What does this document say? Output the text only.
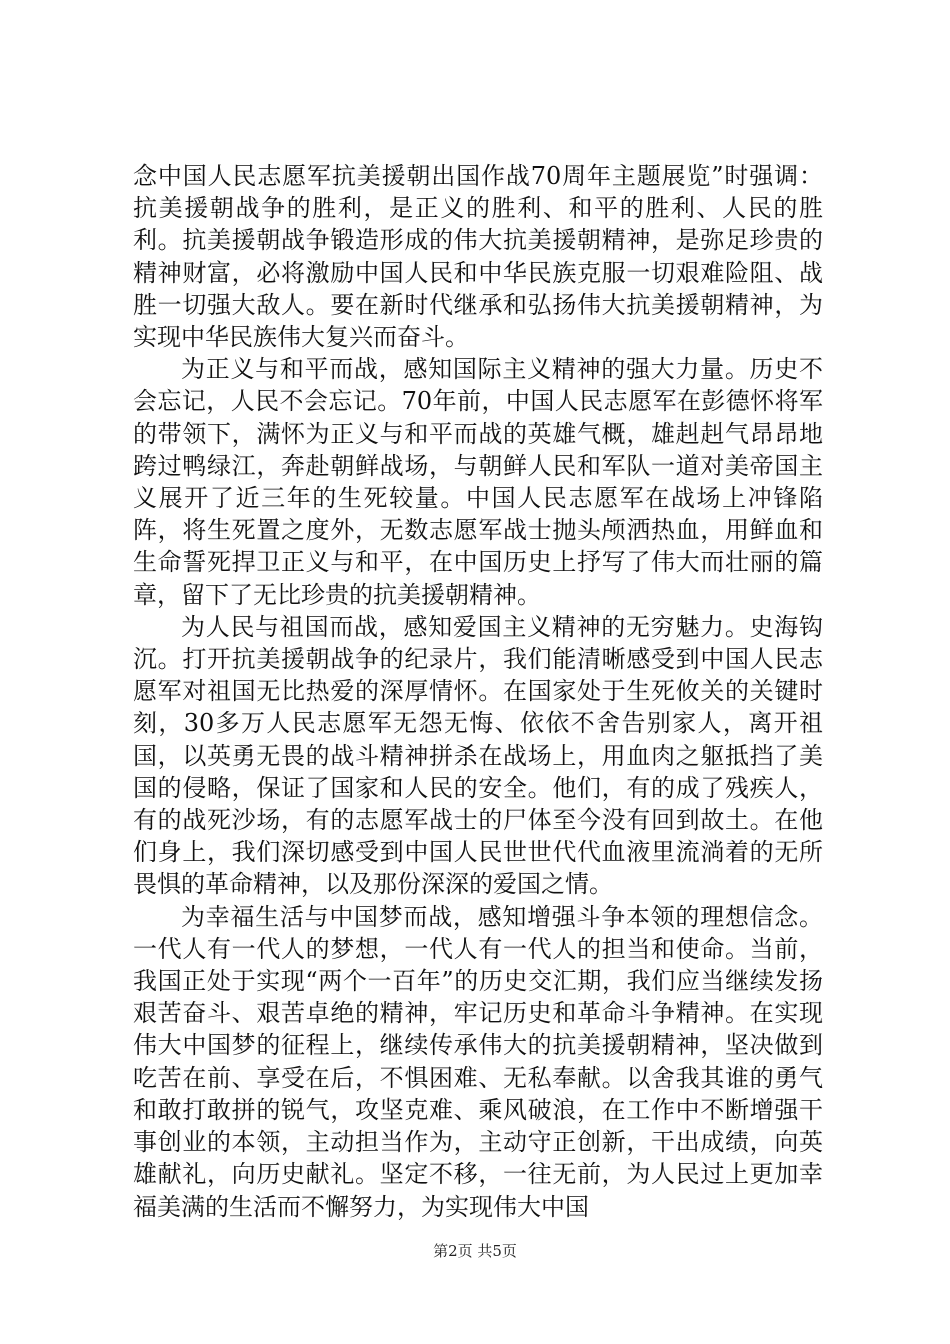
念中国人民志愿军抗美援朝出国作战70周年主题展览”时强调：抗美援朝战争的胜利，是正义的胜利、和平的胜利、人民的胜利。抗美援朝战争锻造形成的伟大抗美援朝精神，是弥足珍贵的精神财富，必将激励中国人民和中华民族克服一切艰难险阻、战胜一切强大敌人。要在新时代继承和弘扬伟大抗美援朝精神，为实现中华民族伟大复兴而奋斗。

为正义与和平而战，感知国际主义精神的强大力量。历史不会忘记，人民不会忘记。70年前，中国人民志愿军在彭德怀将军的带领下，满怀为正义与和平而战的英雄气概，雄赳赳气昂昂地跨过鸭绿江，奔赴朝鲜战场，与朝鲜人民和军队一道对美帝国主义展开了近三年的生死较量。中国人民志愿军在战场上冲锋陷阵，将生死置之度外，无数志愿军战士抛头颅洒热血，用鲜血和生命誓死捍卫正义与和平，在中国历史上抒写了伟大而壮丽的篇章，留下了无比珍贵的抗美援朝精神。

为人民与祖国而战，感知爱国主义精神的无穷魅力。史海钩沉。打开抗美援朝战争的纪录片，我们能清晰感受到中国人民志愿军对祖国无比热爱的深厚情怀。在国家处于生死攸关的关键时刻，30多万人民志愿军无怨无悔、依依不舍告别家人，离开祖国，以英勇无畏的战斗精神拼杀在战场上，用血肉之躯抵挡了美国的侵略，保证了国家和人民的安全。他们，有的成了残疾人，有的战死沙场，有的志愿军战士的尸体至今没有回到故土。在他们身上，我们深切感受到中国人民世世代代血液里流淌着的无所畏惧的革命精神，以及那份深深的爱国之情。

为幸福生活与中国梦而战，感知增强斗争本领的理想信念。一代人有一代人的梦想，一代人有一代人的担当和使命。当前，我国正处于实现“两个一百年”的历史交汇期，我们应当继续发扬艰苦奋斗、艰苦卓绝的精神，牢记历史和革命斗争精神。在实现伟大中国梦的征程上，继续传承伟大的抗美援朝精神，坚决做到吃苦在前、享受在后，不惧困难、无私奉献。以舍我其谁的勇气和敢打敢拼的锐气，攻坚克难、乘风破浪，在工作中不断增强干事创业的本领，主动担当作为，主动守正创新，干出成绩，向英雄献礼，向历史献礼。坚定不移，一往无前，为人民过上更加幸福美满的生活而不懈努力，为实现伟大中国

第2页 共5页
